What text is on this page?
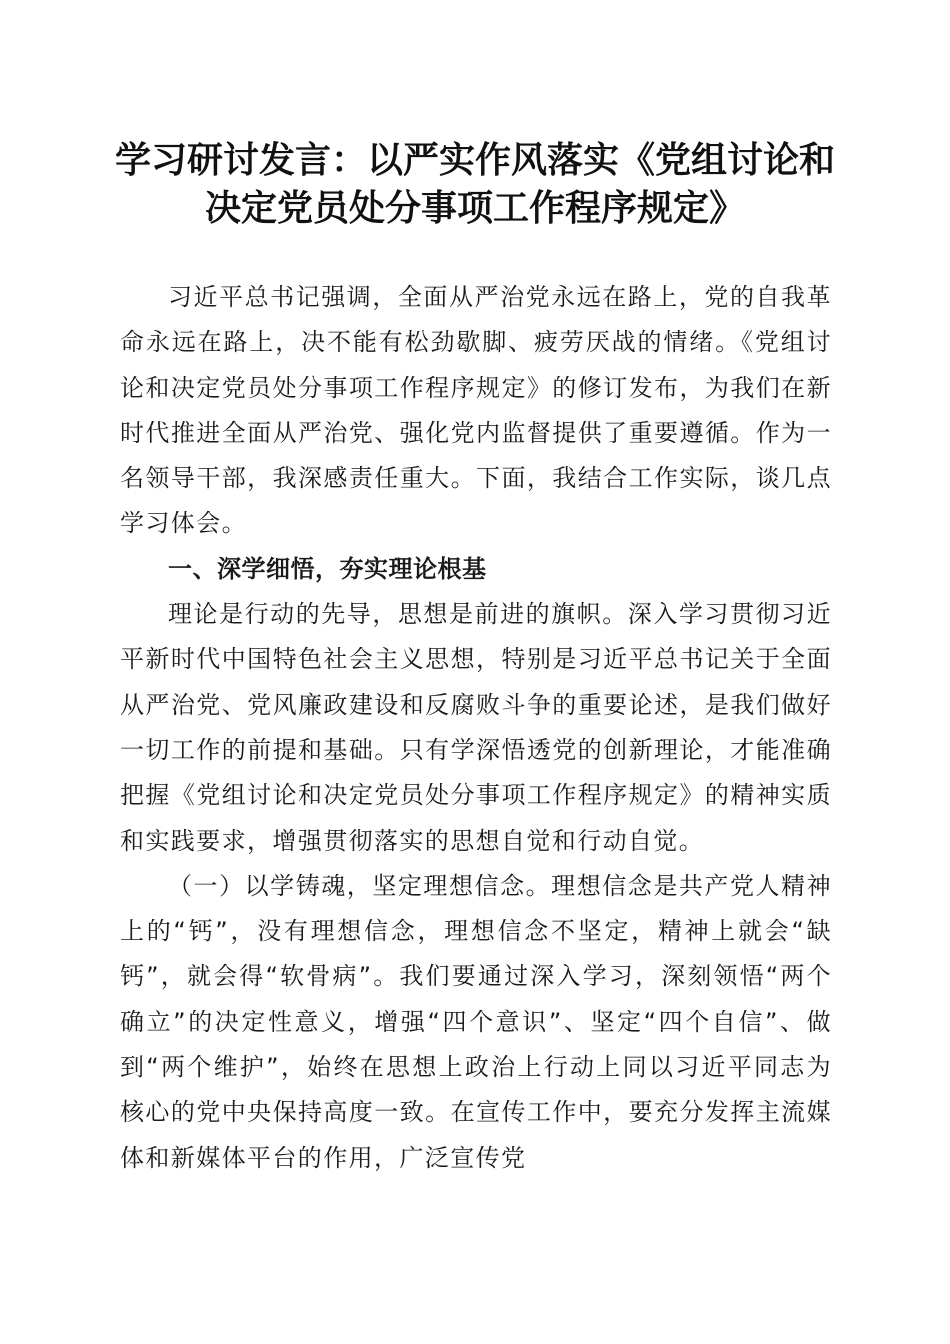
学习研讨发言：以严实作风落实《党组讨论和
决定党员处分事项工作程序规定》

习近平总书记强调，全面从严治党永远在路上，党的自我革命永远在路上，决不能有松劲歇脚、疲劳厌战的情绪。《党组讨论和决定党员处分事项工作程序规定》的修订发布，为我们在新时代推进全面从严治党、强化党内监督提供了重要遵循。作为一名领导干部，我深感责任重大。下面，我结合工作实际，谈几点学习体会。

一、深学细悟，夯实理论根基

理论是行动的先导，思想是前进的旗帜。深入学习贯彻习近平新时代中国特色社会主义思想，特别是习近平总书记关于全面从严治党、党风廉政建设和反腐败斗争的重要论述，是我们做好一切工作的前提和基础。只有学深悟透党的创新理论，才能准确把握《党组讨论和决定党员处分事项工作程序规定》的精神实质和实践要求，增强贯彻落实的思想自觉和行动自觉。

（一）以学铸魂，坚定理想信念。理想信念是共产党人精神上的“钙”，没有理想信念，理想信念不坚定，精神上就会“缺钙”，就会得“软骨病”。我们要通过深入学习，深刻领悟“两个确立”的决定性意义，增强“四个意识”、坚定“四个自信”、做到“两个维护”，始终在思想上政治上行动上同以习近平同志为核心的党中央保持高度一致。在宣传工作中，要充分发挥主流媒体和新媒体平台的作用，广泛宣传党
